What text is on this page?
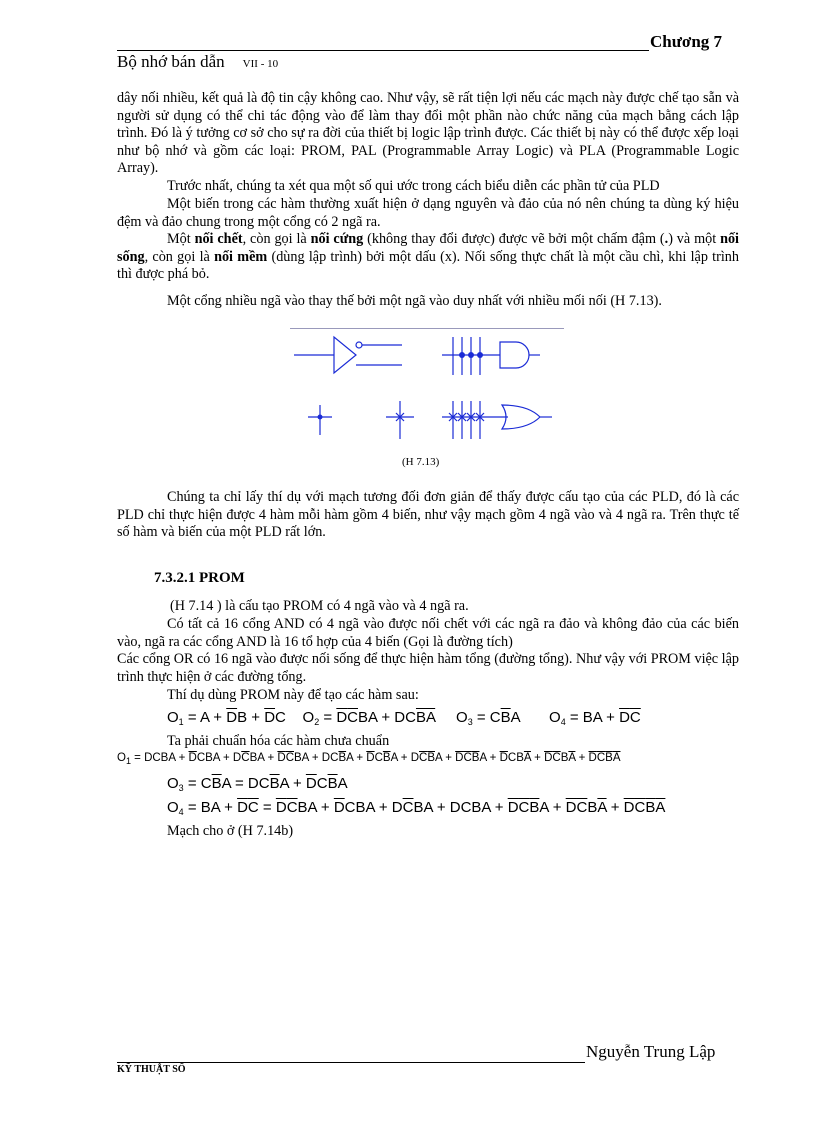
Chương 7
Bộ nhớ bán dẫn VII - 10
dây nối nhiều, kết quả là độ tin cậy không cao. Như vậy, sẽ rất tiện lợi nếu các mạch này được chế tạo sẵn và người sử dụng có thể chi tác động vào để làm thay đổi một phần nào chức năng của mạch bằng cách lập trình. Đó là ý tưởng cơ sở cho sự ra đời của thiết bị logic lập trình được. Các thiết bị này có thể được xếp loại như bộ nhớ và gồm các loại: PROM, PAL (Programmable Array Logic) và PLA (Programmable Logic Array).
Trước nhất, chúng ta xét qua một số qui ước trong cách biểu diễn các phần tử của PLD
Một biến trong các hàm thường xuất hiện ở dạng nguyên và đảo của nó nên chúng ta dùng ký hiệu đệm và đảo chung trong một cổng có 2 ngã ra.
Một nối chết, còn gọi là nối cứng (không thay đổi được) được vẽ bởi một chấm đậm (.) và một nối sống, còn gọi là nối mềm (dùng lập trình) bởi một dấu (x). Nối sống thực chất là một cầu chì, khi lập trình thì được phá bỏ.
Một cổng nhiều ngã vào thay thế bởi một ngã vào duy nhất với nhiều mối nối (H 7.13).
(H 7.13)
Chúng ta chỉ lấy thí dụ với mạch tương đối đơn giản để thấy được cấu tạo của các PLD, đó là các PLD chỉ thực hiện được 4 hàm mỗi hàm gồm 4 biến, như vậy mạch gồm 4 ngã vào và 4 ngã ra. Trên thực tế số hàm và biến của một PLD rất lớn.
7.3.2.1 PROM
(H 7.14 ) là cấu tạo PROM có 4 ngã vào và 4 ngã ra.
Có tất cả 16 cổng AND có 4 ngã vào được nối chết với các ngã ra đảo và không đảo của các biến vào, ngã ra các cổng AND là 16 tổ hợp của 4 biến (Gọi là đường tích)
Các cổng OR có 16 ngã vào được nối sống để thực hiện hàm tổng (đường tổng). Như vậy với PROM việc lập trình thực hiện ở các đường tổng.
Thí dụ dùng PROM này để tạo các hàm sau:
$O_1 = A + \overline{D}B + \overline{D}C$    $O_2 = \overline{D}\overline{C}BA + DC\overline{B}\overline{A}$     $O_3 = C\overline{B}A$       $O_4$ = BA + $\overline{D}\overline{C}$
Ta phải chuẩn hóa các hàm chưa chuẩn
$O_1$ = DCBA + $\overline{D}CBA + D\overline{C}BA + \overline{D}\overline{C}BA + DC\overline{B}A + \overline{D}C\overline{B}A + D\overline{C}\overline{B}A + \overline{D}\overline{C}\overline{B}A + \overline{D}CB\overline{A} + \overline{D}\overline{C}B\overline{A} + \overline{D}\overline{C}\overline{B}\overline{A}$
$O_3 = C\overline{B}A = DC\overline{B}A + \overline{D}C\overline{B}A$
$O_4$ = BA + $\overline{D}\overline{C} = \overline{D}\overline{C}BA + \overline{D}CBA + D\overline{C}BA$ + DCBA + $\overline{D}\overline{C}\overline{B}A + \overline{D}\overline{C}B\overline{A} + \overline{D}\overline{C}\overline{B}\overline{A}$
Mạch cho ở (H 7.14b)
Nguyễn Trung Lập
KỸ THUẬT SỐ
